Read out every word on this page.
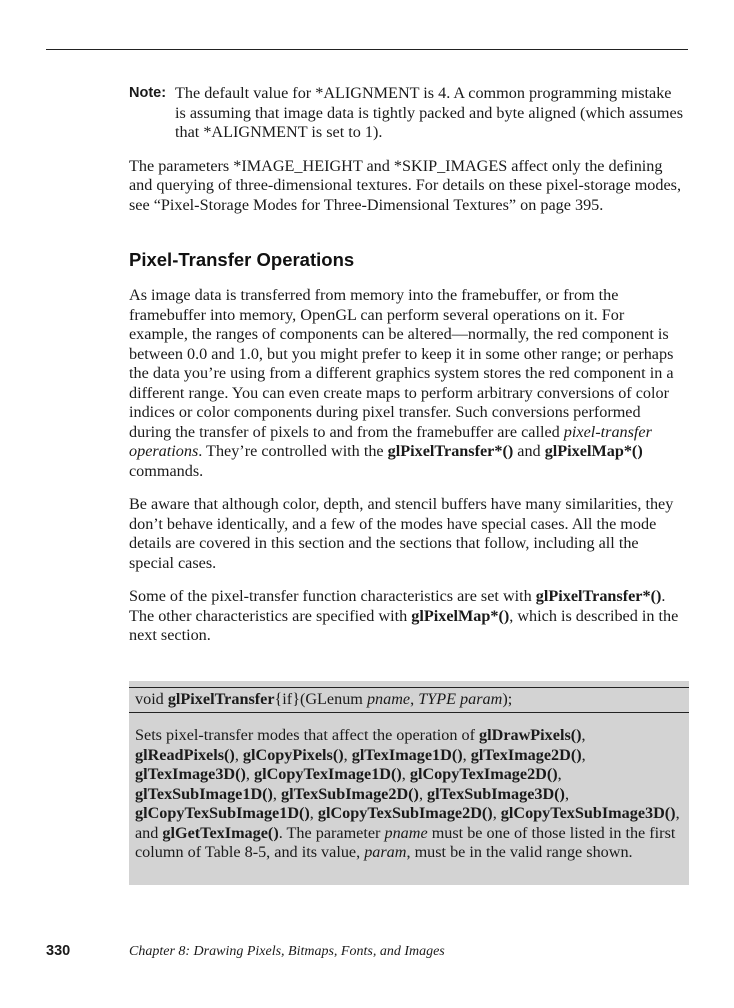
Note: The default value for *ALIGNMENT is 4. A common programming mistake is assuming that image data is tightly packed and byte aligned (which assumes that *ALIGNMENT is set to 1).

The parameters *IMAGE_HEIGHT and *SKIP_IMAGES affect only the defining and querying of three-dimensional textures. For details on these pixel-storage modes, see “Pixel-Storage Modes for Three-Dimensional Textures” on page 395.

Pixel-Transfer Operations

As image data is transferred from memory into the framebuffer, or from the framebuffer into memory, OpenGL can perform several operations on it. For example, the ranges of components can be altered—normally, the red component is between 0.0 and 1.0, but you might prefer to keep it in some other range; or perhaps the data you’re using from a different graphics system stores the red component in a different range. You can even create maps to perform arbitrary conversions of color indices or color components during pixel transfer. Such conversions performed during the transfer of pixels to and from the framebuffer are called pixel-transfer operations. They’re controlled with the glPixelTransfer*() and glPixelMap*() commands.

Be aware that although color, depth, and stencil buffers have many similarities, they don’t behave identically, and a few of the modes have special cases. All the mode details are covered in this section and the sections that follow, including all the special cases.

Some of the pixel-transfer function characteristics are set with glPixelTransfer*(). The other characteristics are specified with glPixelMap*(), which is described in the next section.

void glPixelTransfer{if}(GLenum pname, TYPE param);
Sets pixel-transfer modes that affect the operation of glDrawPixels(), glReadPixels(), glCopyPixels(), glTexImage1D(), glTexImage2D(), glTexImage3D(), glCopyTexImage1D(), glCopyTexImage2D(), glTexSubImage1D(), glTexSubImage2D(), glTexSubImage3D(), glCopyTexSubImage1D(), glCopyTexSubImage2D(), glCopyTexSubImage3D(), and glGetTexImage(). The parameter pname must be one of those listed in the first column of Table 8-5, and its value, param, must be in the valid range shown.
330	Chapter 8: Drawing Pixels, Bitmaps, Fonts, and Images
